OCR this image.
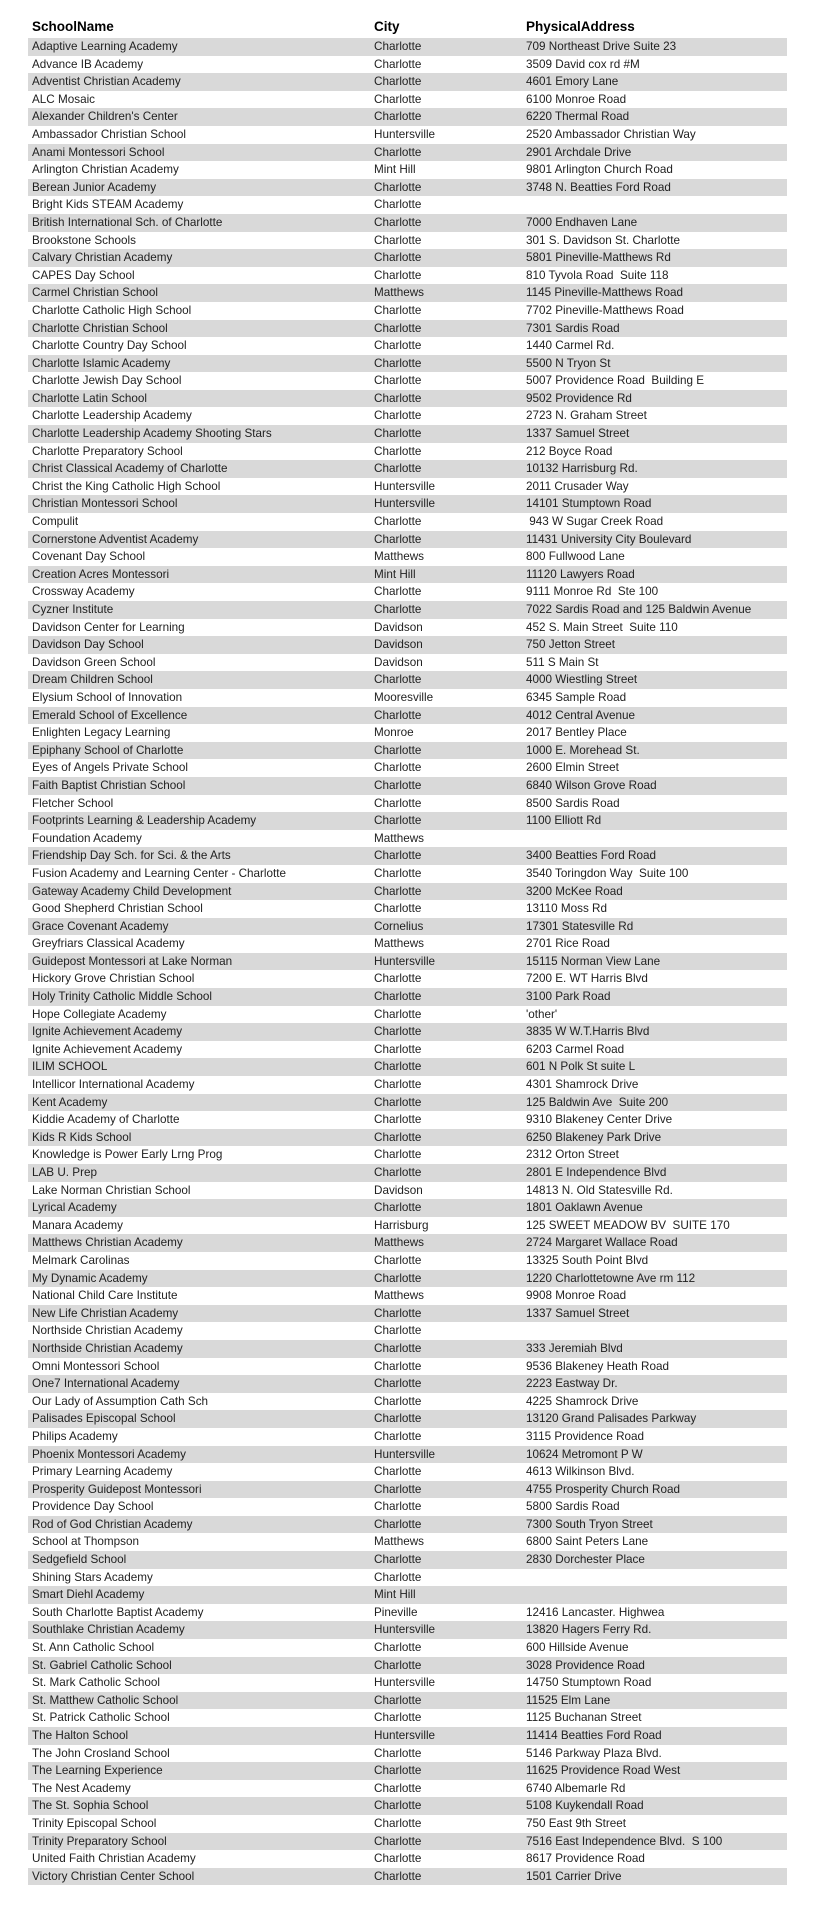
SchoolName	City	PhysicalAddress
Adaptive Learning Academy	Charlotte	709 Northeast Drive Suite 23
Advance IB Academy	Charlotte	3509 David cox rd #M
Adventist Christian Academy	Charlotte	4601 Emory Lane
ALC Mosaic	Charlotte	6100 Monroe Road
Alexander Children's Center	Charlotte	6220 Thermal Road
Ambassador Christian School	Huntersville	2520 Ambassador Christian Way
Anami Montessori School	Charlotte	2901 Archdale Drive
Arlington Christian Academy	Mint Hill	9801 Arlington Church Road
Berean Junior Academy	Charlotte	3748 N. Beatties Ford Road
Bright Kids STEAM Academy	Charlotte
British International Sch. of Charlotte	Charlotte	7000 Endhaven Lane
Brookstone Schools	Charlotte	301 S. Davidson St. Charlotte
Calvary Christian Academy	Charlotte	5801 Pineville-Matthews Rd
CAPES Day School	Charlotte	810 Tyvola Road  Suite 118
Carmel Christian School	Matthews	1145 Pineville-Matthews Road
Charlotte Catholic High School	Charlotte	7702 Pineville-Matthews Road
Charlotte Christian School	Charlotte	7301 Sardis Road
Charlotte Country Day School	Charlotte	1440 Carmel Rd.
Charlotte Islamic Academy	Charlotte	5500 N Tryon St
Charlotte Jewish Day School	Charlotte	5007 Providence Road  Building E
Charlotte Latin School	Charlotte	9502 Providence Rd
Charlotte Leadership Academy	Charlotte	2723 N. Graham Street
Charlotte Leadership Academy Shooting Stars	Charlotte	1337 Samuel Street
Charlotte Preparatory School	Charlotte	212 Boyce Road
Christ Classical Academy of Charlotte	Charlotte	10132 Harrisburg Rd.
Christ the King Catholic High School	Huntersville	2011 Crusader Way
Christian Montessori School	Huntersville	14101 Stumptown Road
Compulit	Charlotte	943 W Sugar Creek Road
Cornerstone Adventist Academy	Charlotte	11431 University City Boulevard
Covenant Day School	Matthews	800 Fullwood Lane
Creation Acres Montessori	Mint Hill	11120 Lawyers Road
Crossway Academy	Charlotte	9111 Monroe Rd  Ste 100
Cyzner Institute	Charlotte	7022 Sardis Road and 125 Baldwin Avenue
Davidson Center for Learning	Davidson	452 S. Main Street  Suite 110
Davidson Day School	Davidson	750 Jetton Street
Davidson Green School	Davidson	511 S Main St
Dream Children School	Charlotte	4000 Wiestling Street
Elysium School of Innovation	Mooresville	6345 Sample Road
Emerald School of Excellence	Charlotte	4012 Central Avenue
Enlighten Legacy Learning	Monroe	2017 Bentley Place
Epiphany School of Charlotte	Charlotte	1000 E. Morehead St.
Eyes of Angels Private School	Charlotte	2600 Elmin Street
Faith Baptist Christian School	Charlotte	6840 Wilson Grove Road
Fletcher School	Charlotte	8500 Sardis Road
Footprints Learning & Leadership Academy	Charlotte	1100 Elliott Rd
Foundation Academy	Matthews
Friendship Day Sch. for Sci. & the Arts	Charlotte	3400 Beatties Ford Road
Fusion Academy and Learning Center - Charlotte	Charlotte	3540 Toringdon Way  Suite 100
Gateway Academy Child Development	Charlotte	3200 McKee Road
Good Shepherd Christian School	Charlotte	13110 Moss Rd
Grace Covenant Academy	Cornelius	17301 Statesville Rd
Greyfriars Classical Academy	Matthews	2701 Rice Road
Guidepost Montessori at Lake Norman	Huntersville	15115 Norman View Lane
Hickory Grove Christian School	Charlotte	7200 E. WT Harris Blvd
Holy Trinity Catholic Middle School	Charlotte	3100 Park Road
Hope Collegiate Academy	Charlotte	'other'
Ignite Achievement Academy	Charlotte	3835 W W.T.Harris Blvd
Ignite Achievement Academy	Charlotte	6203 Carmel Road
ILIM SCHOOL	Charlotte	601 N Polk St suite L
Intellicor International Academy	Charlotte	4301 Shamrock Drive
Kent Academy	Charlotte	125 Baldwin Ave  Suite 200
Kiddie Academy of Charlotte	Charlotte	9310 Blakeney Center Drive
Kids R Kids School	Charlotte	6250 Blakeney Park Drive
Knowledge is Power Early Lrng Prog	Charlotte	2312 Orton Street
LAB U. Prep	Charlotte	2801 E Independence Blvd
Lake Norman Christian School	Davidson	14813 N. Old Statesville Rd.
Lyrical Academy	Charlotte	1801 Oaklawn Avenue
Manara Academy	Harrisburg	125 SWEET MEADOW BV  SUITE 170
Matthews Christian Academy	Matthews	2724 Margaret Wallace Road
Melmark Carolinas	Charlotte	13325 South Point Blvd
My Dynamic Academy	Charlotte	1220 Charlottetowne Ave rm 112
National Child Care Institute	Matthews	9908 Monroe Road
New Life Christian Academy	Charlotte	1337 Samuel Street
Northside Christian Academy	Charlotte
Northside Christian Academy	Charlotte	333 Jeremiah Blvd
Omni Montessori School	Charlotte	9536 Blakeney Heath Road
One7 International Academy	Charlotte	2223 Eastway Dr.
Our Lady of Assumption Cath Sch	Charlotte	4225 Shamrock Drive
Palisades Episcopal School	Charlotte	13120 Grand Palisades Parkway
Philips Academy	Charlotte	3115 Providence Road
Phoenix Montessori Academy	Huntersville	10624 Metromont P W
Primary Learning Academy	Charlotte	4613 Wilkinson Blvd.
Prosperity Guidepost Montessori	Charlotte	4755 Prosperity Church Road
Providence Day School	Charlotte	5800 Sardis Road
Rod of God Christian Academy	Charlotte	7300 South Tryon Street
School at Thompson	Matthews	6800 Saint Peters Lane
Sedgefield School	Charlotte	2830 Dorchester Place
Shining Stars Academy	Charlotte
Smart Diehl Academy	Mint Hill
South Charlotte Baptist Academy	Pineville	12416 Lancaster. Highwea
Southlake Christian Academy	Huntersville	13820 Hagers Ferry Rd.
St. Ann Catholic School	Charlotte	600 Hillside Avenue
St. Gabriel Catholic School	Charlotte	3028 Providence Road
St. Mark Catholic School	Huntersville	14750 Stumptown Road
St. Matthew Catholic School	Charlotte	11525 Elm Lane
St. Patrick Catholic School	Charlotte	1125 Buchanan Street
The Halton School	Huntersville	11414 Beatties Ford Road
The John Crosland School	Charlotte	5146 Parkway Plaza Blvd.
The Learning Experience	Charlotte	11625 Providence Road West
The Nest Academy	Charlotte	6740 Albemarle Rd
The St. Sophia School	Charlotte	5108 Kuykendall Road
Trinity Episcopal School	Charlotte	750 East 9th Street
Trinity Preparatory School	Charlotte	7516 East Independence Blvd.  S 100
United Faith Christian Academy	Charlotte	8617 Providence Road
Victory Christian Center School	Charlotte	1501 Carrier Drive
